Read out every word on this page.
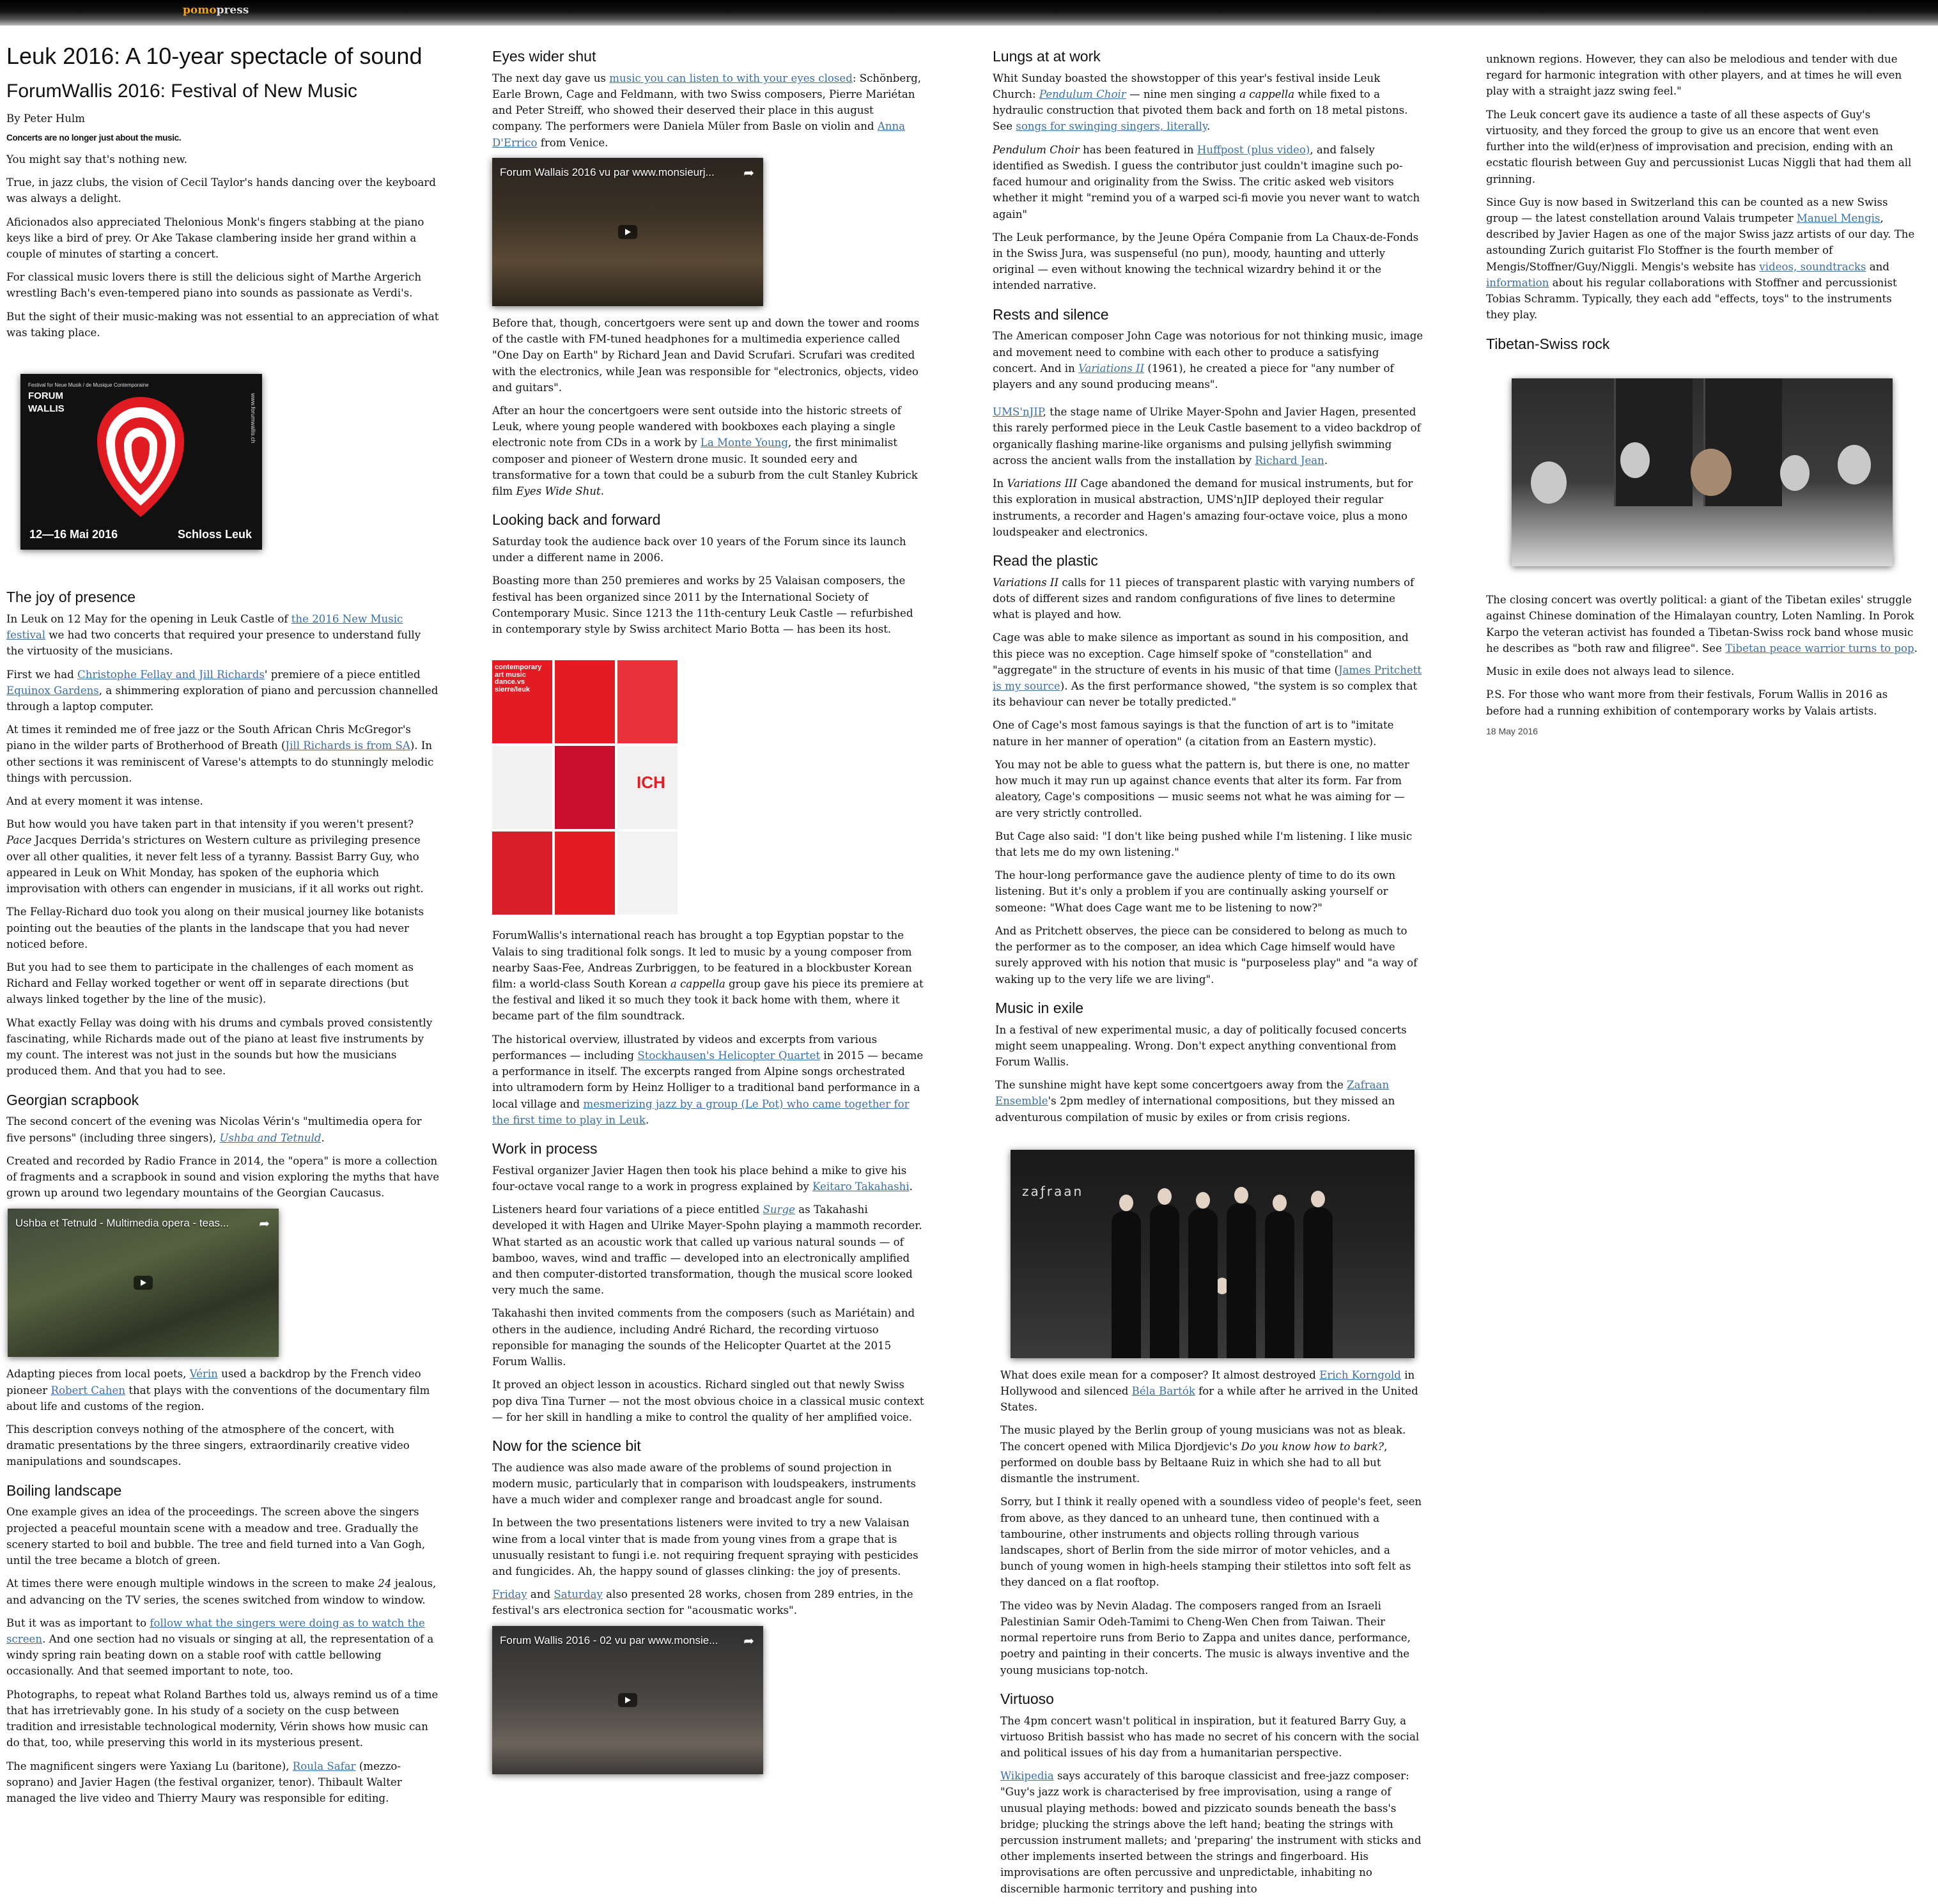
pomopress
Leuk 2016: A 10-year spectacle of sound
ForumWallis 2016: Festival of New Music

By Peter Hulm

Concerts are no longer just about the music.

You might say that's nothing new.

True, in jazz clubs, the vision of Cecil Taylor's hands dancing over the keyboard was always a delight.

Aficionados also appreciated Thelonious Monk's fingers stabbing at the piano keys like a bird of prey. Or Ake Takase clambering inside her grand within a couple of minutes of starting a concert.

For classical music lovers there is still the delicious sight of Marthe Argerich wrestling Bach's even-tempered piano into sounds as passionate as Verdi's.

But the sight of their music-making was not essential to an appreciation of what was taking place.

Festival for Neue Musik / de Musique Contemporaine
FORUM
WALLIS	www.forumwallis.ch
12—16 Mai 2016	Schloss Leuk
The joy of presence

In Leuk on 12 May for the opening in Leuk Castle of the 2016 New Music festival we had two concerts that required your presence to understand fully the virtuosity of the musicians.

First we had Christophe Fellay and Jill Richards' premiere of a piece entitled Equinox Gardens, a shimmering exploration of piano and percussion channelled through a laptop computer.

At times it reminded me of free jazz or the South African Chris McGregor's piano in the wilder parts of Brotherhood of Breath (Jill Richards is from SA). In other sections it was reminiscent of Varese's attempts to do stunningly melodic things with percussion.

And at every moment it was intense.

But how would you have taken part in that intensity if you weren't present? Pace Jacques Derrida's strictures on Western culture as privileging presence over all other qualities, it never felt less of a tyranny. Bassist Barry Guy, who appeared in Leuk on Whit Monday, has spoken of the euphoria which improvisation with others can engender in musicians, if it all works out right.

The Fellay-Richard duo took you along on their musical journey like botanists pointing out the beauties of the plants in the landscape that you had never noticed before.

But you had to see them to participate in the challenges of each moment as Richard and Fellay worked together or went off in separate directions (but always linked together by the line of the music).

What exactly Fellay was doing with his drums and cymbals proved consistently fascinating, while Richards made out of the piano at least five instruments by my count. The interest was not just in the sounds but how the musicians produced them. And that you had to see.

Georgian scrapbook

The second concert of the evening was Nicolas Vérin's "multimedia opera for five persons" (including three singers), Ushba and Tetnuld.

Created and recorded by Radio France in 2014, the "opera" is more a collection of fragments and a scrapbook in sound and vision exploring the myths that have grown up around two legendary mountains of the Georgian Caucasus.

Ushba et Tetnuld - Multimedia opera - teas...	➦

Adapting pieces from local poets, Vérin used a backdrop by the French video pioneer Robert Cahen that plays with the conventions of the documentary film about life and customs of the region.

This description conveys nothing of the atmosphere of the concert, with dramatic presentations by the three singers, extraordinarily creative video manipulations and soundscapes.

Boiling landscape

One example gives an idea of the proceedings. The screen above the singers projected a peaceful mountain scene with a meadow and tree. Gradually the scenery started to boil and bubble. The tree and field turned into a Van Gogh, until the tree became a blotch of green.

At times there were enough multiple windows in the screen to make 24 jealous, and advancing on the TV series, the scenes switched from window to window.

But it was as important to follow what the singers were doing as to watch the screen. And one section had no visuals or singing at all, the representation of a windy spring rain beating down on a stable roof with cattle bellowing occasionally. And that seemed important to note, too.

Photographs, to repeat what Roland Barthes told us, always remind us of a time that has irretrievably gone. In his study of a society on the cusp between tradition and irresistable technological modernity, Vérin shows how music can do that, too, while preserving this world in its mysterious present.

The magnificent singers were Yaxiang Lu (baritone), Roula Safar (mezzo-soprano) and Javier Hagen (the festival organizer, tenor). Thibault Walter managed the live video and Thierry Maury was responsible for editing.

Eyes wider shut

The next day gave us music you can listen to with your eyes closed: Schönberg, Earle Brown, Cage and Feldmann, with two Swiss composers, Pierre Mariétan and Peter Streiff, who showed their deserved their place in this august company. The performers were Daniela Müler from Basle on violin and Anna D'Errico from Venice.

Forum Wallais 2016 vu par www.monsieurj...	➦

Before that, though, concertgoers were sent up and down the tower and rooms of the castle with FM-tuned headphones for a multimedia experience called "One Day on Earth" by Richard Jean and David Scrufari. Scrufari was credited with the electronics, while Jean was responsible for "electronics, objects, video and guitars".

After an hour the concertgoers were sent outside into the historic streets of Leuk, where young people wandered with bookboxes each playing a single electronic note from CDs in a work by La Monte Young, the first minimalist composer and pioneer of Western drone music. It sounded eery and transformative for a town that could be a suburb from the cult Stanley Kubrick film Eyes Wide Shut.

Looking back and forward

Saturday took the audience back over 10 years of the Forum since its launch under a different name in 2006.

Boasting more than 250 premieres and works by 25 Valaisan composers, the festival has been organized since 2011 by the International Society of Contemporary Music. Since 1213 the 11th-century Leuk Castle — refurbished in contemporary style by Swiss architect Mario Botta — has been its host.

contemporary art music dance.vs sierre/leuk
ICH

ForumWallis's international reach has brought a top Egyptian popstar to the Valais to sing traditional folk songs. It led to music by a young composer from nearby Saas-Fee, Andreas Zurbriggen, to be featured in a blockbuster Korean film: a world-class South Korean a cappella group gave his piece its premiere at the festival and liked it so much they took it back home with them, where it became part of the film soundtrack.

The historical overview, illustrated by videos and excerpts from various performances — including Stockhausen's Helicopter Quartet in 2015 — became a performance in itself. The excerpts ranged from Alpine songs orchestrated into ultramodern form by Heinz Holliger to a traditional band performance in a local village and mesmerizing jazz by a group (Le Pot) who came together for the first time to play in Leuk.

Work in process

Festival organizer Javier Hagen then took his place behind a mike to give his four-octave vocal range to a work in progress explained by Keitaro Takahashi.

Listeners heard four variations of a piece entitled Surge as Takahashi developed it with Hagen and Ulrike Mayer-Spohn playing a mammoth recorder. What started as an acoustic work that called up various natural sounds — of bamboo, waves, wind and traffic — developed into an electronically amplified and then computer-distorted transformation, though the musical score looked very much the same.

Takahashi then invited comments from the composers (such as Mariétain) and others in the audience, including André Richard, the recording virtuoso reponsible for managing the sounds of the Helicopter Quartet at the 2015 Forum Wallis.

It proved an object lesson in acoustics. Richard singled out that newly Swiss pop diva Tina Turner — not the most obvious choice in a classical music context — for her skill in handling a mike to control the quality of her amplified voice.

Now for the science bit

The audience was also made aware of the problems of sound projection in modern music, particularly that in comparison with loudspeakers, instruments have a much wider and complexer range and broadcast angle for sound.

In between the two presentations listeners were invited to try a new Valaisan wine from a local vinter that is made from young vines from a grape that is unusually resistant to fungi i.e. not requiring frequent spraying with pesticides and fungicides. Ah, the happy sound of glasses clinking: the joy of presents.

Friday and Saturday also presented 28 works, chosen from 289 entries, in the festival's ars electronica section for "acousmatic works".

Forum Wallis 2016 - 02 vu par www.monsie...	➦
Lungs at at work

Whit Sunday boasted the showstopper of this year's festival inside Leuk Church: Pendulum Choir — nine men singing a cappella while fixed to a hydraulic construction that pivoted them back and forth on 18 metal pistons. See songs for swinging singers, literally.

Pendulum Choir has been featured in Huffpost (plus video), and falsely identified as Swedish. I guess the contributor just couldn't imagine such po-faced humour and originality from the Swiss. The critic asked web visitors whether it might "remind you of a warped sci-fi movie you never want to watch again"

The Leuk performance, by the Jeune Opéra Companie from La Chaux-de-Fonds in the Swiss Jura, was suspenseful (no pun), moody, haunting and utterly original — even without knowing the technical wizardry behind it or the intended narrative.

Rests and silence

The American composer John Cage was notorious for not thinking music, image and movement need to combine with each other to produce a satisfying concert. And in Variations II (1961), he created a piece for "any number of players and any sound producing means".

UMS'nJIP, the stage name of Ulrike Mayer-Spohn and Javier Hagen, presented this rarely performed piece in the Leuk Castle basement to a video backdrop of organically flashing marine-like organisms and pulsing jellyfish swimming across the ancient walls from the installation by Richard Jean.

In Variations III Cage abandoned the demand for musical instruments, but for this exploration in musical abstraction, UMS'nJIP deployed their regular instruments, a recorder and Hagen's amazing four-octave voice, plus a mono loudspeaker and electronics.

Read the plastic

Variations II calls for 11 pieces of transparent plastic with varying numbers of dots of different sizes and random configurations of five lines to determine what is played and how.

Cage was able to make silence as important as sound in his composition, and this piece was no exception. Cage himself spoke of "constellation" and "aggregate" in the structure of events in his music of that time (James Pritchett is my source). As the first performance showed, "the system is so complex that its behaviour can never be totally predicted."

One of Cage's most famous sayings is that the function of art is to "imitate nature in her manner of operation" (a citation from an Eastern mystic).

You may not be able to guess what the pattern is, but there is one, no matter how much it may run up against chance events that alter its form. Far from aleatory, Cage's compositions — music seems not what he was aiming for — are very strictly controlled.

But Cage also said: "I don't like being pushed while I'm listening. I like music that lets me do my own listening."

The hour-long performance gave the audience plenty of time to do its own listening. But it's only a problem if you are continually asking yourself or someone: "What does Cage want me to be listening to now?"

And as Pritchett observes, the piece can be considered to belong as much to the performer as to the composer, an idea which Cage himself would have surely approved with his notion that music is "purposeless play" and "a way of waking up to the very life we are living".

Music in exile

In a festival of new experimental music, a day of politically focused concerts might seem unappealing. Wrong. Don't expect anything conventional from Forum Wallis.

The sunshine might have kept some concertgoers away from the Zafraan Ensemble's 2pm medley of international compositions, but they missed an adventurous compilation of music by exiles or from crisis regions.

zaƒraan

What does exile mean for a composer? It almost destroyed Erich Korngold in Hollywood and silenced Béla Bartók for a while after he arrived in the United States.

The music played by the Berlin group of young musicians was not as bleak. The concert opened with Milica Djordjevic's Do you know how to bark?, performed on double bass by Beltaane Ruiz in which she had to all but dismantle the instrument.

Sorry, but I think it really opened with a soundless video of people's feet, seen from above, as they danced to an unheard tune, then continued with a tambourine, other instruments and objects rolling through various landscapes, short of Berlin from the side mirror of motor vehicles, and a bunch of young women in high-heels stamping their stilettos into soft felt as they danced on a flat rooftop.

The video was by Nevin Aladag. The composers ranged from an Israeli Palestinian Samir Odeh-Tamimi to Cheng-Wen Chen from Taiwan. Their normal repertoire runs from Berio to Zappa and unites dance, performance, poetry and painting in their concerts. The music is always inventive and the young musicians top-notch.

Virtuoso

The 4pm concert wasn't political in inspiration, but it featured Barry Guy, a virtuoso British bassist who has made no secret of his concern with the social and political issues of his day from a humanitarian perspective.

Wikipedia says accurately of this baroque classicist and free-jazz composer: "Guy's jazz work is characterised by free improvisation, using a range of unusual playing methods: bowed and pizzicato sounds beneath the bass's bridge; plucking the strings above the left hand; beating the strings with percussion instrument mallets; and 'preparing' the instrument with sticks and other implements inserted between the strings and fingerboard. His improvisations are often percussive and unpredictable, inhabiting no discernible harmonic territory and pushing into

unknown regions. However, they can also be melodious and tender with due regard for harmonic integration with other players, and at times he will even play with a straight jazz swing feel."

The Leuk concert gave its audience a taste of all these aspects of Guy's virtuosity, and they forced the group to give us an encore that went even further into the wild(er)ness of improvisation and precision, ending with an ecstatic flourish between Guy and percussionist Lucas Niggli that had them all grinning.

Since Guy is now based in Switzerland this can be counted as a new Swiss group — the latest constellation around Valais trumpeter Manuel Mengis, described by Javier Hagen as one of the major Swiss jazz artists of our day. The astounding Zurich guitarist Flo Stoffner is the fourth member of Mengis/Stoffner/Guy/Niggli. Mengis's website has videos, soundtracks and information about his regular collaborations with Stoffner and percussionist Tobias Schramm. Typically, they each add "effects, toys" to the instruments they play.

Tibetan-Swiss rock

The closing concert was overtly political: a giant of the Tibetan exiles' struggle against Chinese domination of the Himalayan country, Loten Namling. In Porok Karpo the veteran activist has founded a Tibetan-Swiss rock band whose music he describes as "both raw and filigree". See Tibetan peace warrior turns to pop.

Music in exile does not always lead to silence.

P.S. For those who want more from their festivals, Forum Wallis in 2016 as before had a running exhibition of contemporary works by Valais artists.

18 May 2016
